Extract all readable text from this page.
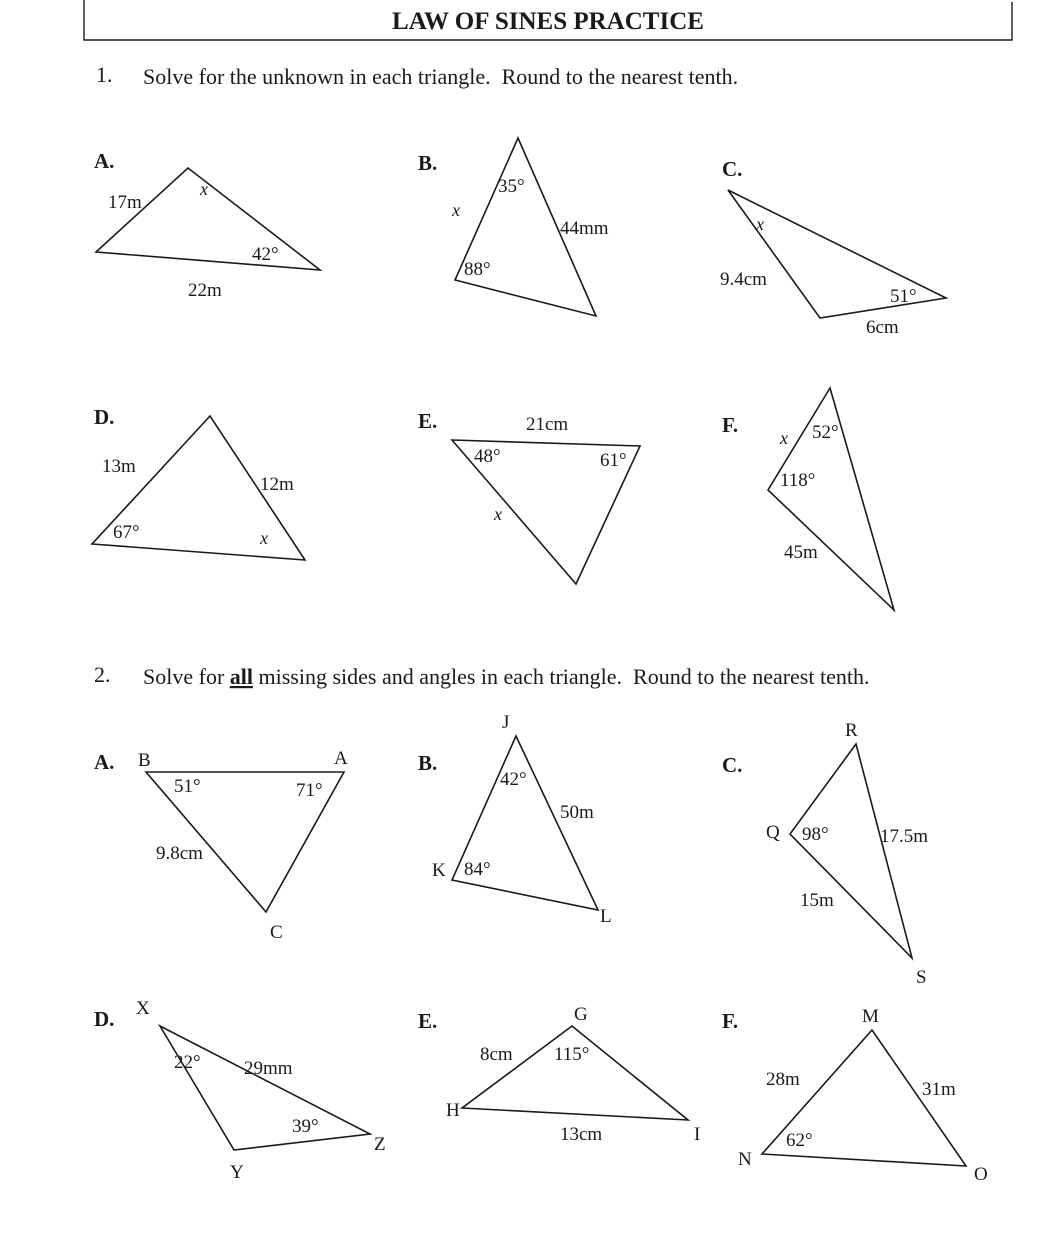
LAW OF SINES PRACTICE
1. Solve for the unknown in each triangle.  Round to the nearest tenth.
A.
17m
x
42°
22m
B.
35°
x
44mm
88°
C.
x
9.4cm
51°
6cm
D.
13m
12m
67°	x
E.	21cm
48°	61°
x
F.
x 52°
118°
45m
2. Solve for all missing sides and angles in each triangle.  Round to the nearest tenth.
A. B	A
C
51°	71°
9.8cm
B.
J
K
L
42°
84°
50m
C.
R
Q
S
98°	17.5m
15m
D. X
Y
Z
22° 29mm
39°
E.	G
H
I
8cm 115°
13cm
F.	M
N
O
28m	31m
62°
